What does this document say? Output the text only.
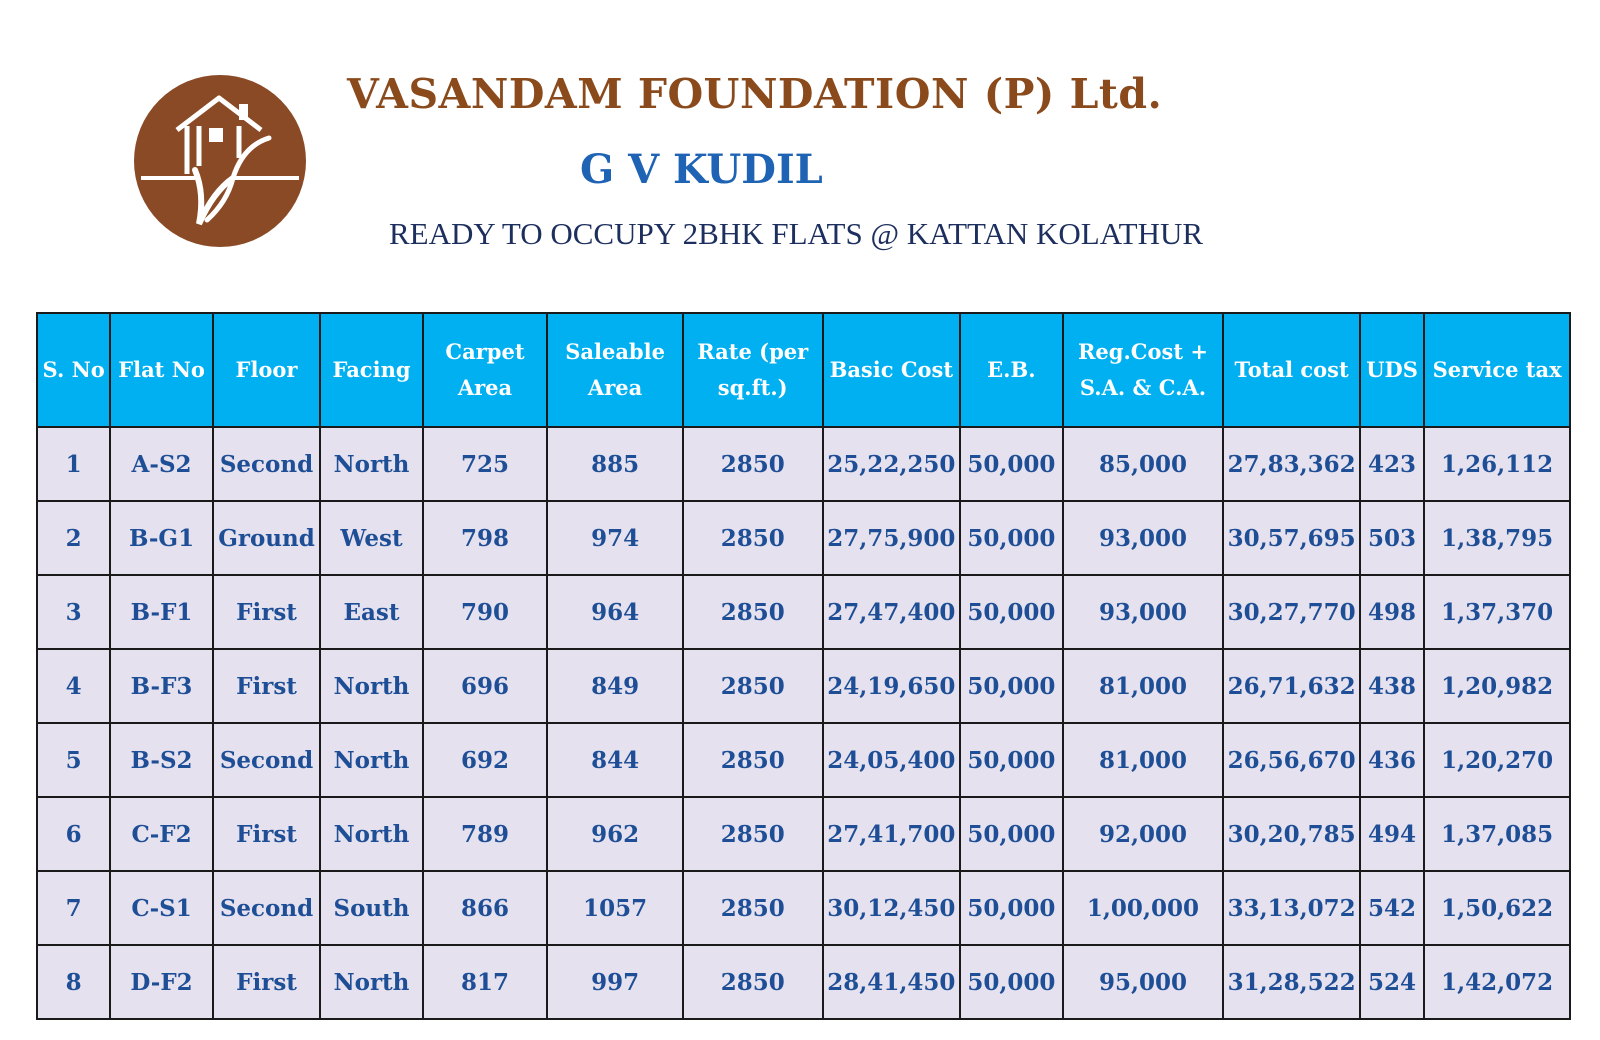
VASANDAM FOUNDATION (P) Ltd.
G V KUDIL
READY TO OCCUPY 2BHK FLATS @ KATTAN KOLATHUR
S. No	Flat No	Floor	Facing	Carpet Area	Saleable Area	Rate (per sq.ft.)	Basic Cost	E.B.	Reg.Cost + S.A. & C.A.	Total cost	UDS	Service tax
1	A-S2	Second	North	725	885	2850	25,22,250	50,000	85,000	27,83,362	423	1,26,112
2	B-G1	Ground	West	798	974	2850	27,75,900	50,000	93,000	30,57,695	503	1,38,795
3	B-F1	First	East	790	964	2850	27,47,400	50,000	93,000	30,27,770	498	1,37,370
4	B-F3	First	North	696	849	2850	24,19,650	50,000	81,000	26,71,632	438	1,20,982
5	B-S2	Second	North	692	844	2850	24,05,400	50,000	81,000	26,56,670	436	1,20,270
6	C-F2	First	North	789	962	2850	27,41,700	50,000	92,000	30,20,785	494	1,37,085
7	C-S1	Second	South	866	1057	2850	30,12,450	50,000	1,00,000	33,13,072	542	1,50,622
8	D-F2	First	North	817	997	2850	28,41,450	50,000	95,000	31,28,522	524	1,42,072
